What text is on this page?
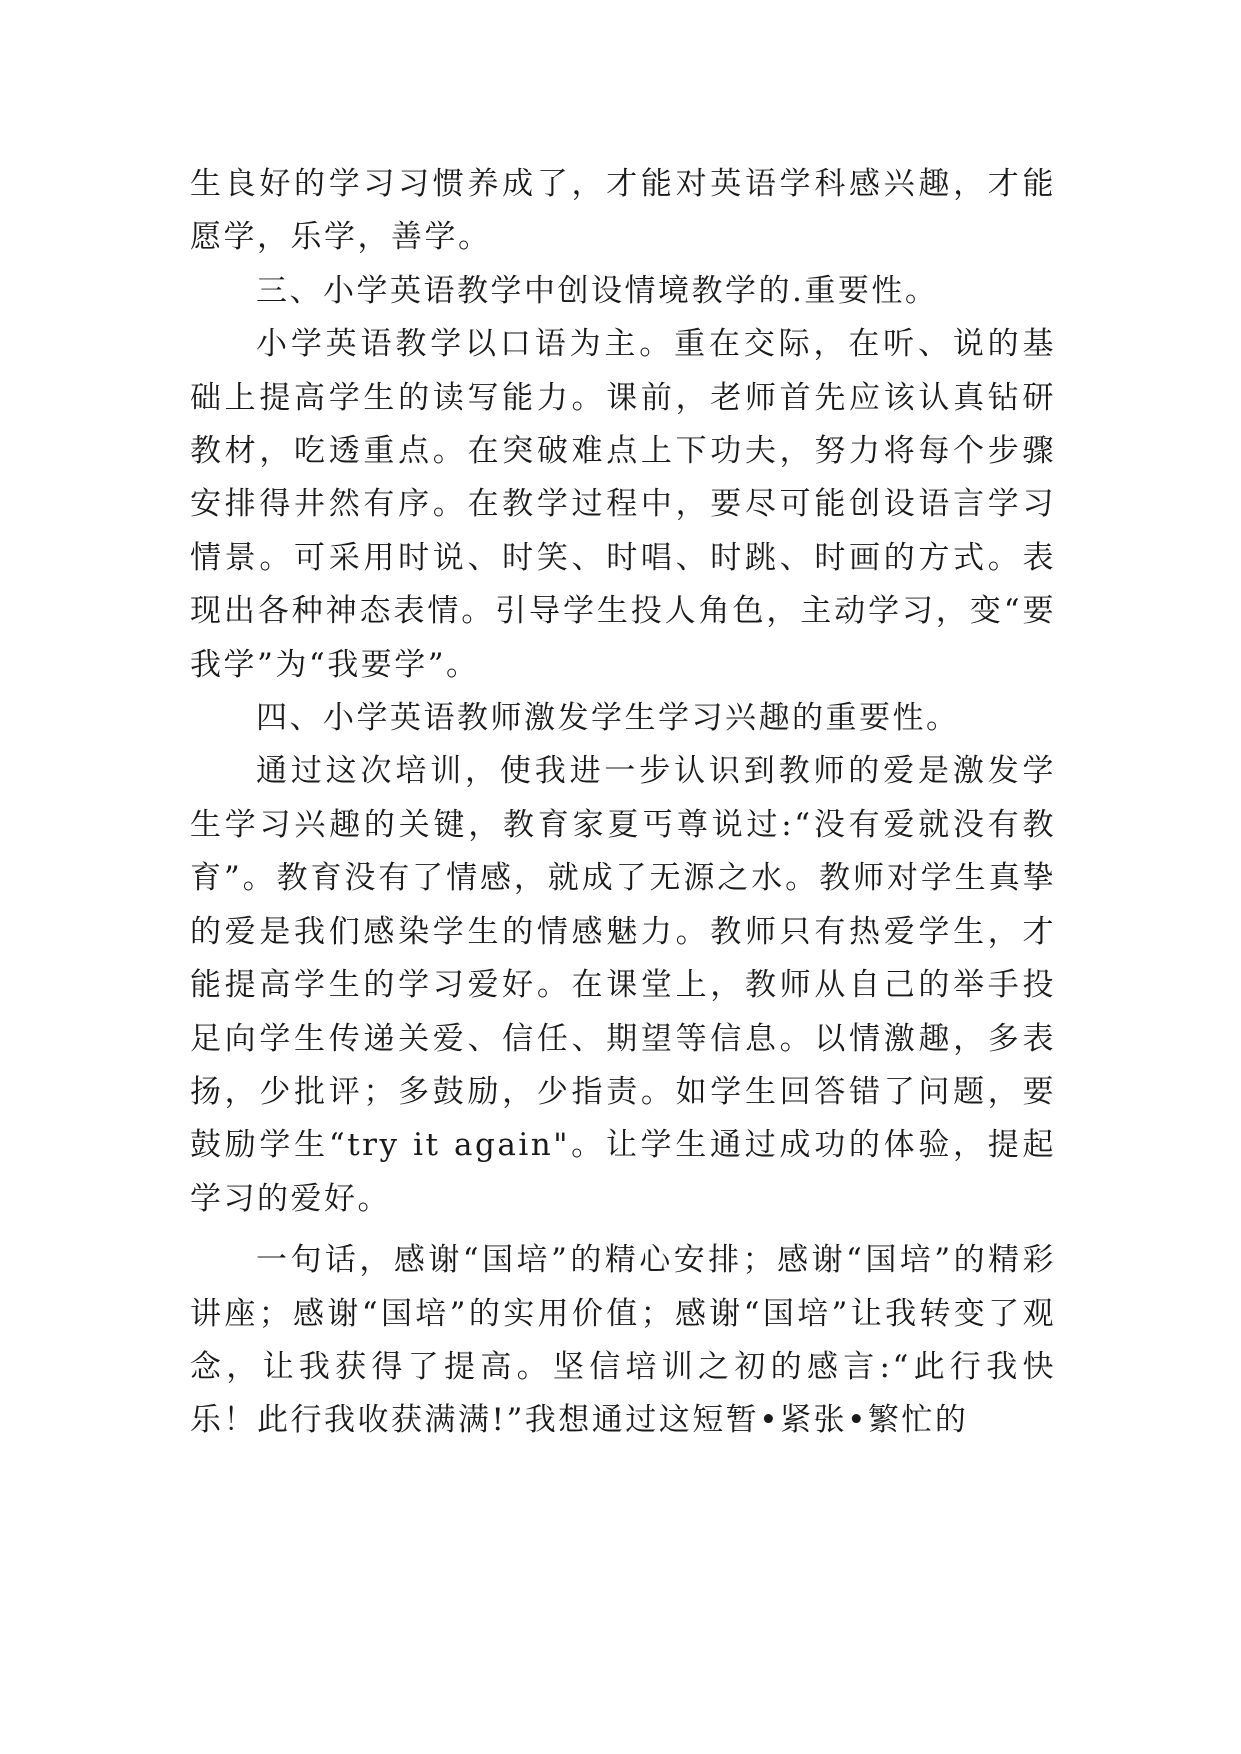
生良好的学习习惯养成了，才能对英语学科感兴趣，才能愿学，乐学，善学。

三、小学英语教学中创设情境教学的.重要性。

小学英语教学以口语为主。重在交际，在听、说的基础上提高学生的读写能力。课前，老师首先应该认真钻研教材，吃透重点。在突破难点上下功夫，努力将每个步骤安排得井然有序。在教学过程中，要尽可能创设语言学习情景。可采用时说、时笑、时唱、时跳、时画的方式。表现出各种神态表情。引导学生投人角色，主动学习，变“要我学”为“我要学”。

四、小学英语教师激发学生学习兴趣的重要性。

通过这次培训，使我进一步认识到教师的爱是激发学生学习兴趣的关键，教育家夏丐尊说过:“没有爱就没有教育”。教育没有了情感，就成了无源之水。教师对学生真挚的爱是我们感染学生的情感魅力。教师只有热爱学生，才能提高学生的学习爱好。在课堂上，教师从自己的举手投足向学生传递关爱、信任、期望等信息。以情激趣，多表扬，少批评；多鼓励，少指责。如学生回答错了问题，要鼓励学生“try it again"。让学生通过成功的体验，提起学习的爱好。

一句话，感谢“国培”的精心安排；感谢“国培”的精彩讲座；感谢“国培”的实用价值；感谢“国培”让我转变了观念，让我获得了提高。坚信培训之初的感言:“此行我快乐！此行我收获满满!”我想通过这短暂•紧张•繁忙的
